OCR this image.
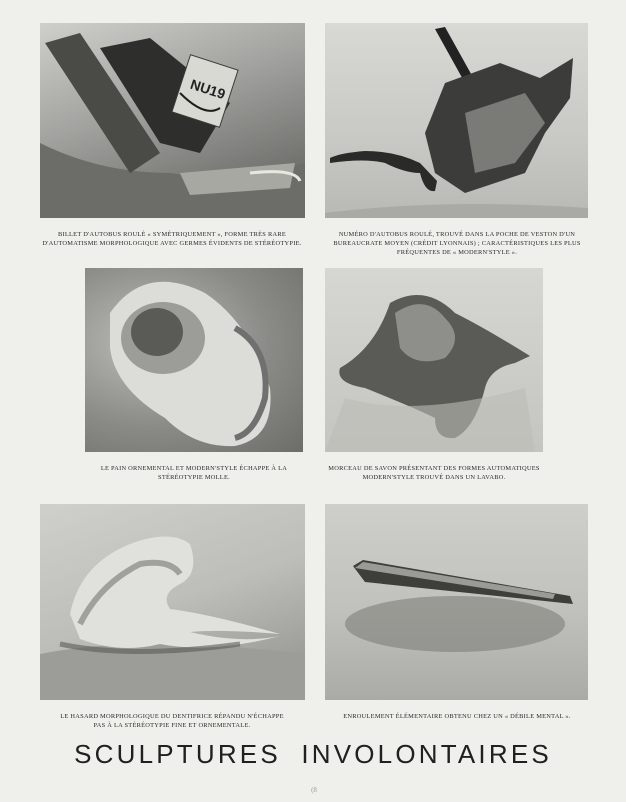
NU19
BILLET D'AUTOBUS ROULÉ « SYMÉTRIQUEMENT », FORME TRÈS RARE
D'AUTOMATISME MORPHOLOGIQUE AVEC GERMES ÉVIDENTS DE STÉRÉOTYPIE.
NUMÉRO D'AUTOBUS ROULÉ, TROUVÉ DANS LA POCHE DE VESTON D'UN
BUREAUCRATE MOYEN (CRÉDIT LYONNAIS) ; CARACTÉRISTIQUES LES PLUS
FRÉQUENTES DE « MODERN'STYLE ».
LE PAIN ORNEMENTAL ET MODERN'STYLE ÉCHAPPE À LA
STÉRÉOTYPIE MOLLE.
MORCEAU DE SAVON PRÉSENTANT DES FORMES AUTOMATIQUES
MODERN'STYLE TROUVÉ DANS UN LAVABO.
LE HASARD MORPHOLOGIQUE DU DENTIFRICE RÉPANDU N'ÉCHAPPE
PAS À LA STÉRÉOTYPIE FINE ET ORNEMENTALE.
ENROULEMENT ÉLÉMENTAIRE OBTENU CHEZ UN « DÉBILE MENTAL ».
SCULPTURES INVOLONTAIRES
(8
